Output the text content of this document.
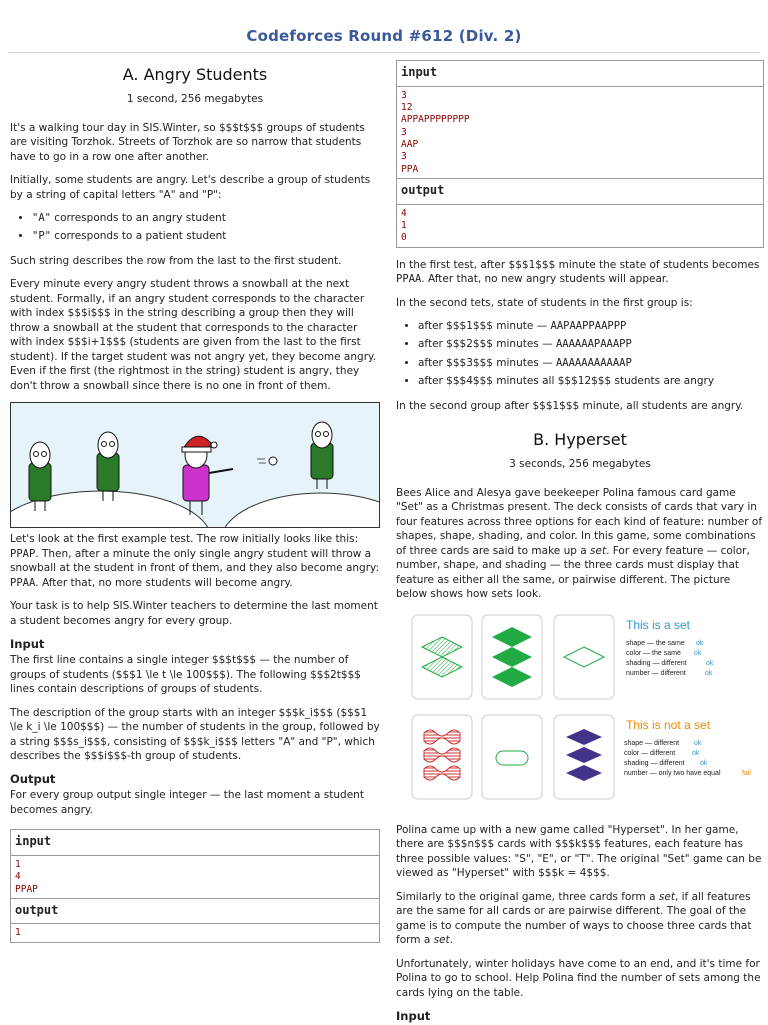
Codeforces Round #612 (Div. 2)
A. Angry Students
1 second, 256 megabytes

It's a walking tour day in SIS.Winter, so $$$t$$$ groups of students are visiting Torzhok. Streets of Torzhok are so narrow that students have to go in a row one after another.

Initially, some students are angry. Let's describe a group of students by a string of capital letters "A" and "P":

• "A" corresponds to an angry student
• "P" corresponds to a patient student

Such string describes the row from the last to the first student.

Every minute every angry student throws a snowball at the next student. Formally, if an angry student corresponds to the character with index $$$i$$$ in the string describing a group then they will throw a snowball at the student that corresponds to the character with index $$$i+1$$$ (students are given from the last to the first student). If the target student was not angry yet, they become angry. Even if the first (the rightmost in the string) student is angry, they don't throw a snowball since there is no one in front of them.

Let's look at the first example test. The row initially looks like this: PPAP. Then, after a minute the only single angry student will throw a snowball at the student in front of them, and they also become angry: PPAA. After that, no more students will become angry.

Your task is to help SIS.Winter teachers to determine the last moment a student becomes angry for every group.

Input

The first line contains a single integer $$$t$$$ — the number of groups of students ($$$1 \le t \le 100$$$). The following $$$2t$$$ lines contain descriptions of groups of students.

The description of the group starts with an integer $$$k_i$$$ ($$$1 \le k_i \le 100$$$) — the number of students in the group, followed by a string $$$s_i$$$, consisting of $$$k_i$$$ letters "A" and "P", which describes the $$$i$$$-th group of students.

Output

For every group output single integer — the last moment a student becomes angry.

input
1
4
PPAP
output
1
input
3
12
APPAPPPPPPPP
3
AAP
3
PPA
output
4
1
0

In the first test, after $$$1$$$ minute the state of students becomes PPAA. After that, no new angry students will appear.

In the second tets, state of students in the first group is:

• after $$$1$$$ minute — AAPAAPPAAPPP
• after $$$2$$$ minutes — AAAAAAPAAAPP
• after $$$3$$$ minutes — AAAAAAAAAAAP
• after $$$4$$$ minutes all $$$12$$$ students are angry

In the second group after $$$1$$$ minute, all students are angry.

B. Hyperset
3 seconds, 256 megabytes

Bees Alice and Alesya gave beekeeper Polina famous card game "Set" as a Christmas present. The deck consists of cards that vary in four features across three options for each kind of feature: number of shapes, shape, shading, and color. In this game, some combinations of three cards are said to make up a set. For every feature — color, number, shape, and shading — the three cards must display that feature as either all the same, or pairwise different. The picture below shows how sets look.

This is a set
shape — the same ok
color — the same ok
shading — different	ok
number — different	ok
This is not a set
shape — different ok
color — different ok
shading — different ok
number — only two have equal	fail

Polina came up with a new game called "Hyperset". In her game, there are $$$n$$$ cards with $$$k$$$ features, each feature has three possible values: "S", "E", or "T". The original "Set" game can be viewed as "Hyperset" with $$$k = 4$$$.

Similarly to the original game, three cards form a set, if all features are the same for all cards or are pairwise different. The goal of the game is to compute the number of ways to choose three cards that form a set.

Unfortunately, winter holidays have come to an end, and it's time for Polina to go to school. Help Polina find the number of sets among the cards lying on the table.

Input
